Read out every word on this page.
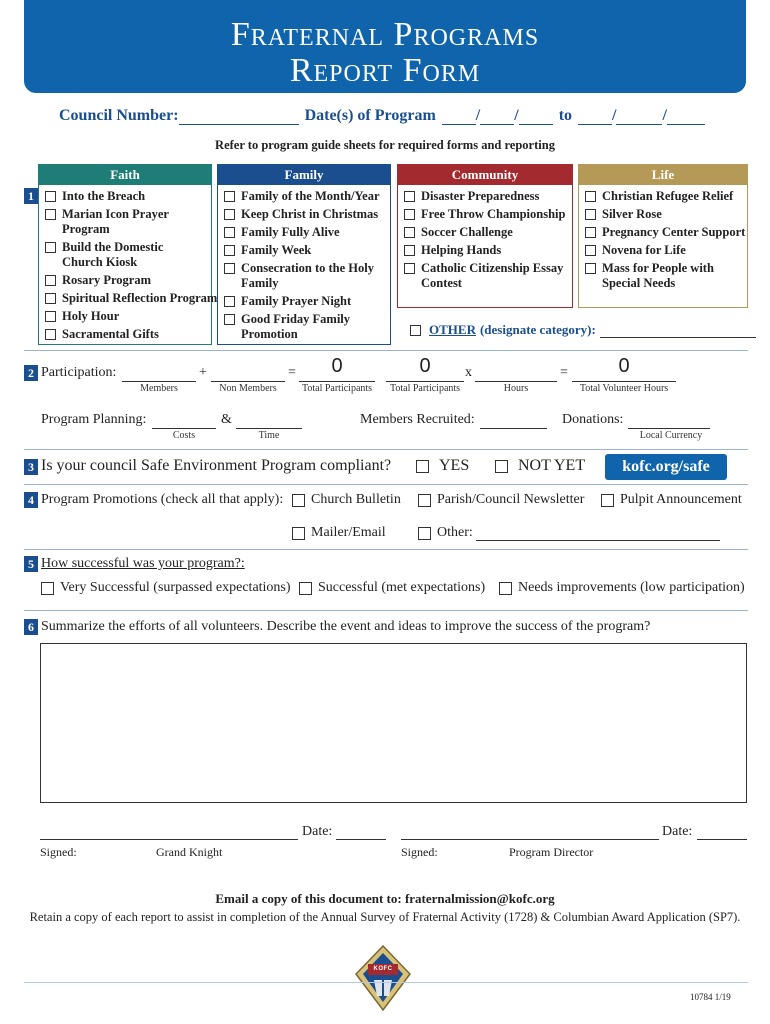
Fraternal Programs
Report Form
Council Number:	Date(s) of Program	/ /	to	/	/
Refer to program guide sheets for required forms and reporting
1
Faith
Into the Breach
Marian Icon Prayer Program
Build the Domestic Church Kiosk
Rosary Program
Spiritual Reflection Program
Holy Hour
Sacramental Gifts
Family
Family of the Month/Year
Keep Christ in Christmas
Family Fully Alive
Family Week
Consecration to the Holy Family
Family Prayer Night
Good Friday Family Promotion
Community
Disaster Preparedness
Free Throw Championship
Soccer Challenge
Helping Hands
Catholic Citizenship Essay Contest
Life
Christian Refugee Relief
Silver Rose
Pregnancy Center Support
Novena for Life
Mass for People with Special Needs
OTHER (designate category):
2 Participation:	+	=	0	0	x	=	0
Members	Non Members	Total Participants	Total Participants	Hours	Total Volunteer Hours
Program Planning:	&
Costs	Time
Members Recruited:	Donations:
Local Currency
3 Is your council Safe Environment Program compliant?	YES	NOT YET	kofc.org/safe
4 Program Promotions (check all that apply): Church Bulletin	Parish/Council Newsletter	Pulpit Announcement
Mailer/Email	Other:
5 How successful was your program?:
Very Successful (surpassed expectations) Successful (met expectations) Needs improvements (low participation)
6 Summarize the efforts of all volunteers. Describe the event and ideas to improve the success of the program?
Date:	Date:
Signed:	Grand Knight	Signed:	Program Director
Email a copy of this document to: fraternalmission@kofc.org
Retain a copy of each report to assist in completion of the Annual Survey of Fraternal Activity (1728) & Columbian Award Application (SP7).
KOFC
10784 1/19
